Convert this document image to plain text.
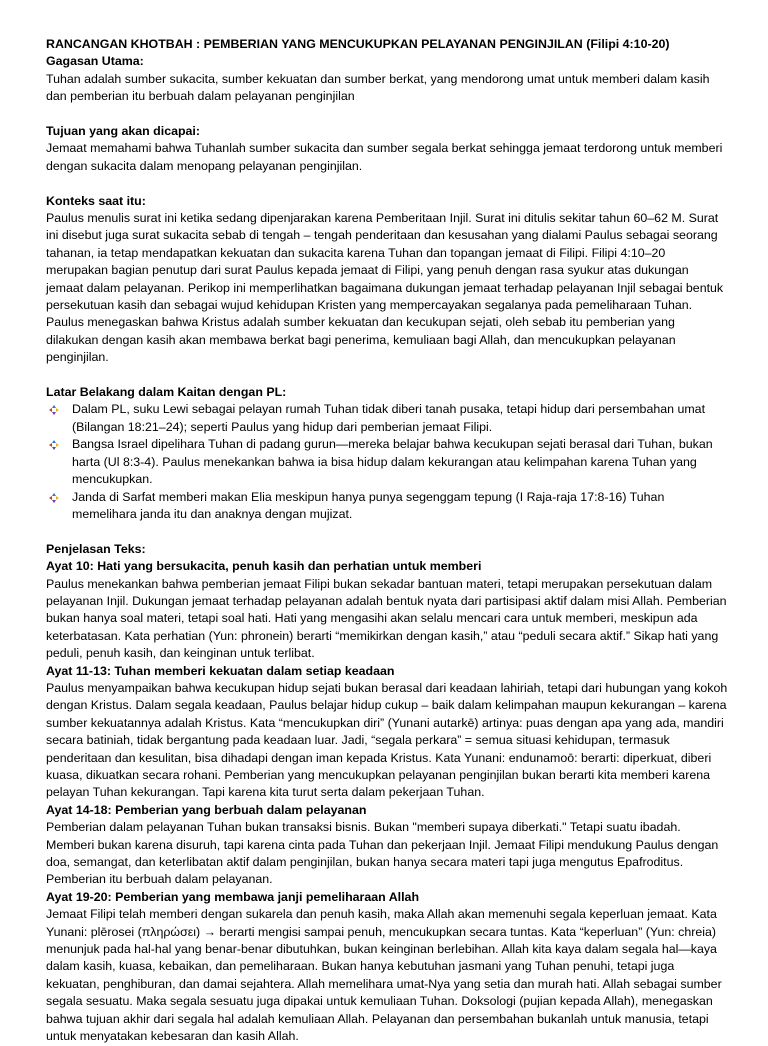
RANCANGAN KHOTBAH : PEMBERIAN YANG MENCUKUPKAN PELAYANAN PENGINJILAN (Filipi 4:10-20)

Gagasan Utama:

Tuhan adalah sumber sukacita, sumber kekuatan dan sumber berkat, yang mendorong umat untuk memberi dalam kasih dan pemberian itu berbuah dalam pelayanan penginjilan

Tujuan yang akan dicapai:

Jemaat memahami bahwa Tuhanlah sumber sukacita dan sumber segala berkat sehingga jemaat terdorong untuk memberi dengan sukacita dalam menopang pelayanan penginjilan.

Konteks saat itu:

Paulus menulis surat ini ketika sedang dipenjarakan karena Pemberitaan Injil. Surat ini ditulis sekitar tahun 60–62 M. Surat ini disebut juga surat sukacita sebab di tengah – tengah penderitaan dan kesusahan yang dialami Paulus sebagai seorang tahanan, ia tetap mendapatkan kekuatan dan sukacita karena Tuhan dan topangan jemaat di Filipi. Filipi 4:10–20 merupakan bagian penutup dari surat Paulus kepada jemaat di Filipi, yang penuh dengan rasa syukur atas dukungan jemaat dalam pelayanan. Perikop ini memperlihatkan bagaimana dukungan jemaat terhadap pelayanan Injil sebagai bentuk persekutuan kasih dan sebagai wujud kehidupan Kristen yang mempercayakan segalanya pada pemeliharaan Tuhan. Paulus menegaskan bahwa Kristus adalah sumber kekuatan dan kecukupan sejati, oleh sebab itu pemberian yang dilakukan dengan kasih akan membawa berkat bagi penerima, kemuliaan bagi Allah, dan mencukupkan pelayanan penginjilan.

Latar Belakang dalam Kaitan dengan PL:

Dalam PL, suku Lewi sebagai pelayan rumah Tuhan tidak diberi tanah pusaka, tetapi hidup dari persembahan umat (Bilangan 18:21–24); seperti Paulus yang hidup dari pemberian jemaat Filipi.
Bangsa Israel dipelihara Tuhan di padang gurun—mereka belajar bahwa kecukupan sejati berasal dari Tuhan, bukan harta (Ul 8:3-4). Paulus menekankan bahwa ia bisa hidup dalam kekurangan atau kelimpahan karena Tuhan yang mencukupkan.
Janda di Sarfat memberi makan Elia meskipun hanya punya segenggam tepung (I Raja-raja 17:8-16) Tuhan memelihara janda itu dan anaknya dengan mujizat.

Penjelasan Teks:

Ayat 10: Hati yang bersukacita, penuh kasih dan perhatian untuk memberi

Paulus menekankan bahwa pemberian jemaat Filipi bukan sekadar bantuan materi, tetapi merupakan persekutuan dalam pelayanan Injil. Dukungan jemaat terhadap pelayanan adalah bentuk nyata dari partisipasi aktif dalam misi Allah. Pemberian bukan hanya soal materi, tetapi soal hati. Hati yang mengasihi akan selalu mencari cara untuk memberi, meskipun ada keterbatasan. Kata perhatian (Yun: phronein) berarti “memikirkan dengan kasih,” atau “peduli secara aktif.” Sikap hati yang peduli, penuh kasih, dan keinginan untuk terlibat.

Ayat 11-13: Tuhan memberi kekuatan dalam setiap keadaan

Paulus menyampaikan bahwa kecukupan hidup sejati bukan berasal dari keadaan lahiriah, tetapi dari hubungan yang kokoh dengan Kristus. Dalam segala keadaan, Paulus belajar hidup cukup – baik dalam kelimpahan maupun kekurangan – karena sumber kekuatannya adalah Kristus. Kata “mencukupkan diri” (Yunani autarkē) artinya: puas dengan apa yang ada, mandiri secara batiniah, tidak bergantung pada keadaan luar. Jadi, “segala perkara” = semua situasi kehidupan, termasuk penderitaan dan kesulitan, bisa dihadapi dengan iman kepada Kristus. Kata Yunani: endunamoō: berarti: diperkuat, diberi kuasa, dikuatkan secara rohani. Pemberian yang mencukupkan pelayanan penginjilan bukan berarti kita memberi karena pelayan Tuhan kekurangan. Tapi karena kita turut serta dalam pekerjaan Tuhan.

Ayat 14-18: Pemberian yang berbuah dalam pelayanan

Pemberian dalam pelayanan Tuhan bukan transaksi bisnis. Bukan "memberi supaya diberkati." Tetapi suatu ibadah. Memberi bukan karena disuruh, tapi karena cinta pada Tuhan dan pekerjaan Injil. Jemaat Filipi mendukung Paulus dengan doa, semangat, dan keterlibatan aktif dalam penginjilan, bukan hanya secara materi tapi juga mengutus Epafroditus. Pemberian itu berbuah dalam pelayanan.

Ayat 19-20: Pemberian yang membawa janji pemeliharaan Allah

Jemaat Filipi telah memberi dengan sukarela dan penuh kasih, maka Allah akan memenuhi segala keperluan jemaat. Kata Yunani: plērosei (πληρώσει) → berarti mengisi sampai penuh, mencukupkan secara tuntas. Kata “keperluan” (Yun: chreia) menunjuk pada hal-hal yang benar-benar dibutuhkan, bukan keinginan berlebihan. Allah kita kaya dalam segala hal—kaya dalam kasih, kuasa, kebaikan, dan pemeliharaan. Bukan hanya kebutuhan jasmani yang Tuhan penuhi, tetapi juga kekuatan, penghiburan, dan damai sejahtera. Allah memelihara umat-Nya yang setia dan murah hati. Allah sebagai sumber segala sesuatu. Maka segala sesuatu juga dipakai untuk kemuliaan Tuhan. Doksologi (pujian kepada Allah), menegaskan bahwa tujuan akhir dari segala hal adalah kemuliaan Allah. Pelayanan dan persembahan bukanlah untuk manusia, tetapi untuk menyatakan kebesaran dan kasih Allah.
